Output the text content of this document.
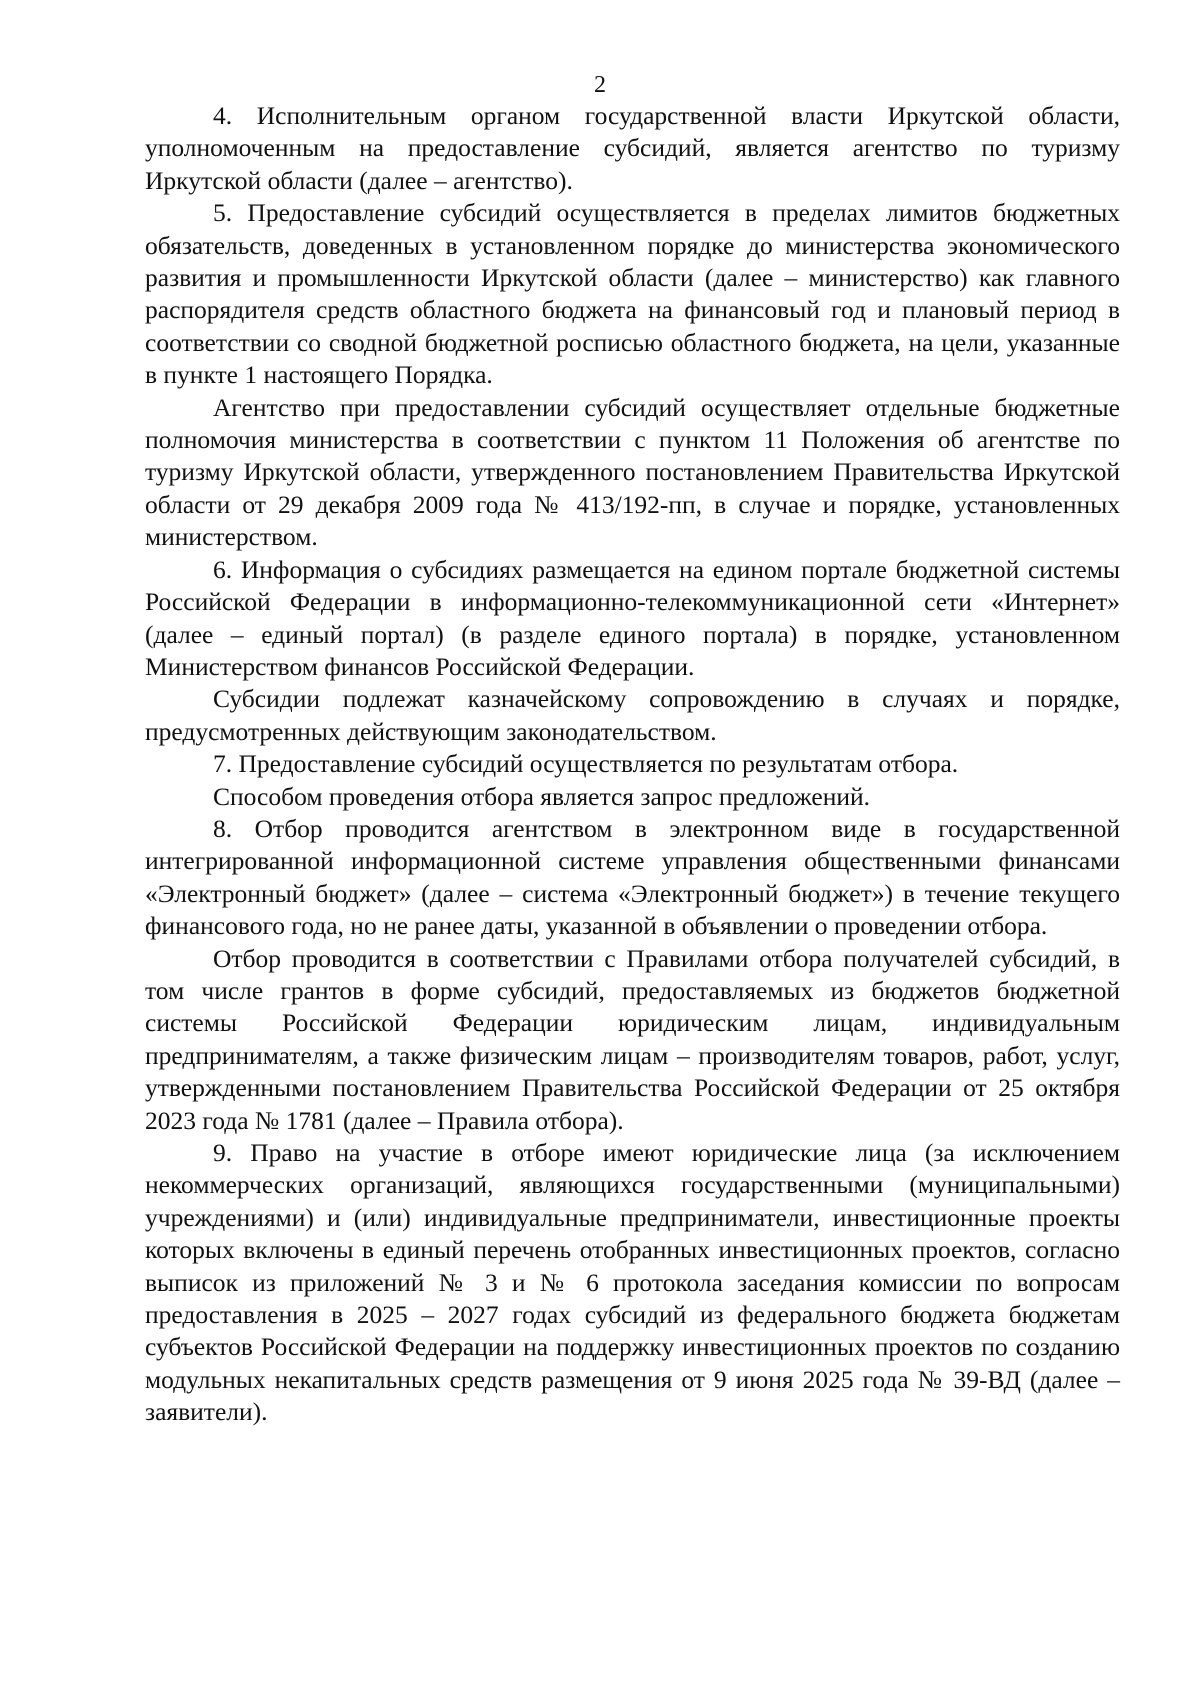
2

4. Исполнительным органом государственной власти Иркутской области, уполномоченным на предоставление субсидий, является агентство по туризму Иркутской области (далее – агентство).

5. Предоставление субсидий осуществляется в пределах лимитов бюджетных обязательств, доведенных в установленном порядке до министерства экономического развития и промышленности Иркутской области (далее – министерство) как главного распорядителя средств областного бюджета на финансовый год и плановый период в соответствии со сводной бюджетной росписью областного бюджета, на цели, указанные в пункте 1 настоящего Порядка.

Агентство при предоставлении субсидий осуществляет отдельные бюджетные полномочия министерства в соответствии с пунктом 11 Положения об агентстве по туризму Иркутской области, утвержденного постановлением Правительства Иркутской области от 29 декабря 2009 года № 413/192-пп, в случае и порядке, установленных министерством.

6. Информация о субсидиях размещается на едином портале бюджетной системы Российской Федерации в информационно-телекоммуникационной сети «Интернет» (далее – единый портал) (в разделе единого портала) в порядке, установленном Министерством финансов Российской Федерации.

Субсидии подлежат казначейскому сопровождению в случаях и порядке, предусмотренных действующим законодательством.

7. Предоставление субсидий осуществляется по результатам отбора.

Способом проведения отбора является запрос предложений.

8. Отбор проводится агентством в электронном виде в государственной интегрированной информационной системе управления общественными финансами «Электронный бюджет» (далее – система «Электронный бюджет») в течение текущего финансового года, но не ранее даты, указанной в объявлении о проведении отбора.

Отбор проводится в соответствии с Правилами отбора получателей субсидий, в том числе грантов в форме субсидий, предоставляемых из бюджетов бюджетной системы Российской Федерации юридическим лицам, индивидуальным предпринимателям, а также физическим лицам – производителям товаров, работ, услуг, утвержденными постановлением Правительства Российской Федерации от 25 октября 2023 года № 1781 (далее – Правила отбора).

9. Право на участие в отборе имеют юридические лица (за исключением некоммерческих организаций, являющихся государственными (муниципальными) учреждениями) и (или) индивидуальные предприниматели, инвестиционные проекты которых включены в единый перечень отобранных инвестиционных проектов, согласно выписок из приложений № 3 и № 6 протокола заседания комиссии по вопросам предоставления в 2025 – 2027 годах субсидий из федерального бюджета бюджетам субъектов Российской Федерации на поддержку инвестиционных проектов по созданию модульных некапитальных средств размещения от 9 июня 2025 года № 39-ВД (далее – заявители).
